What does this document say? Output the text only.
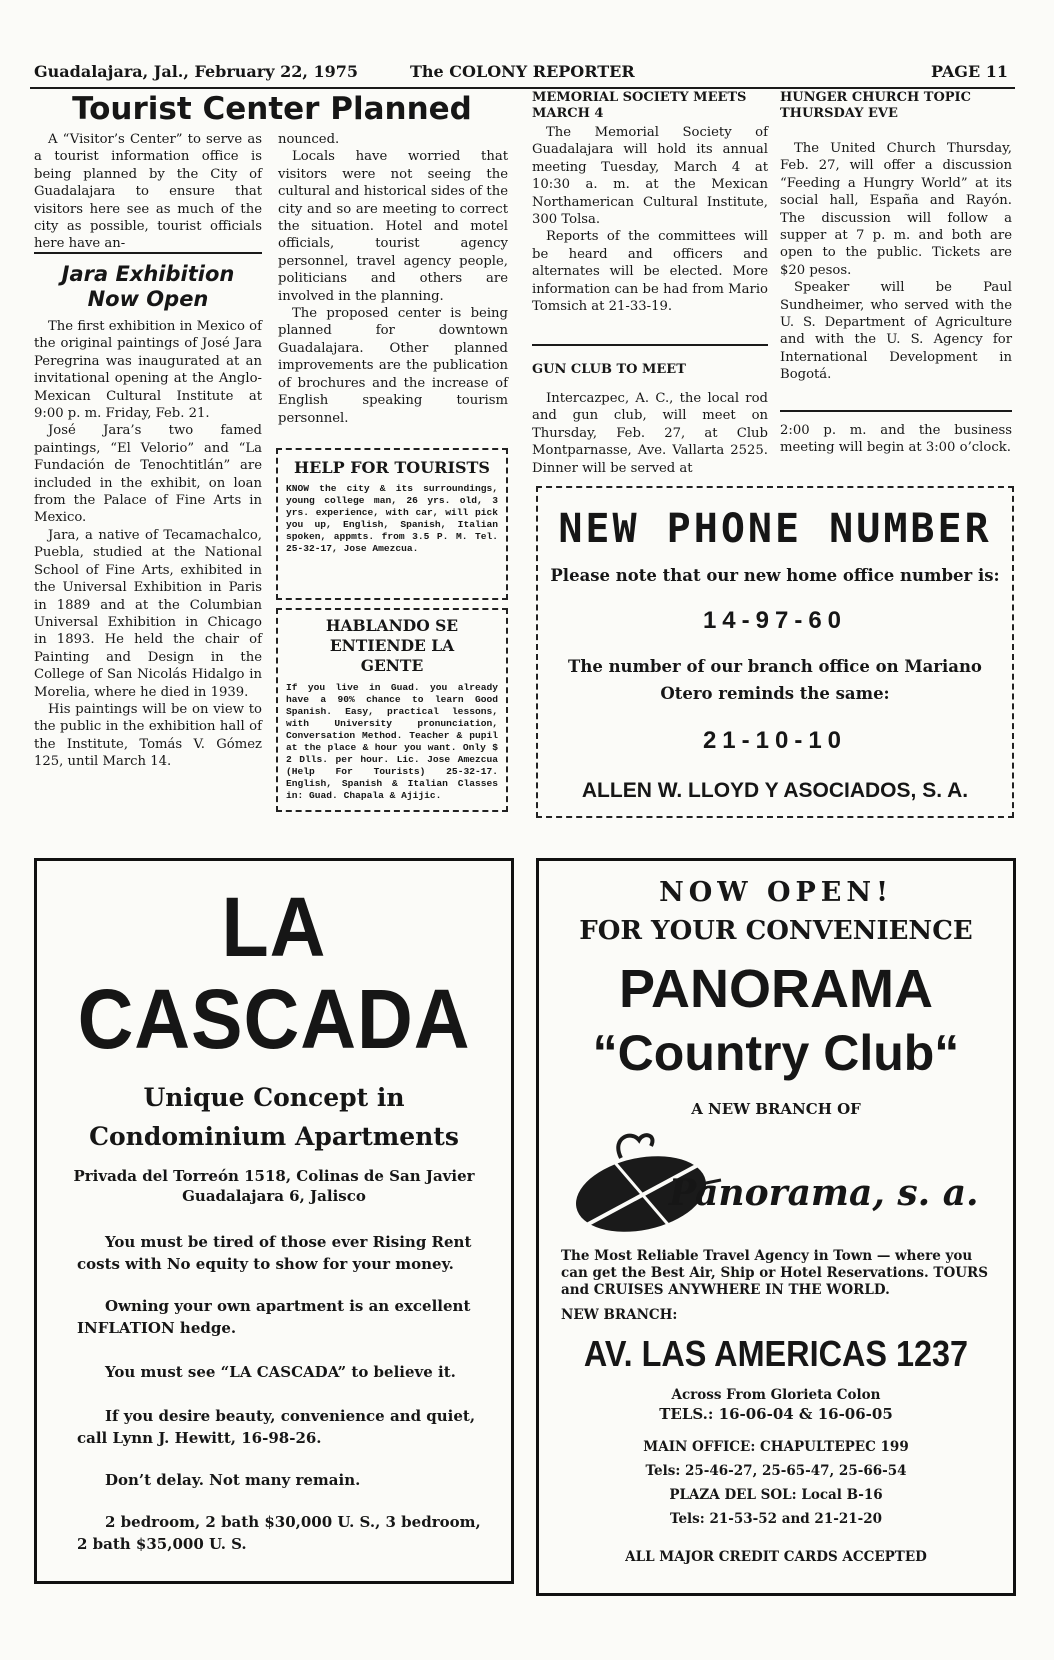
Guadalajara, Jal., February 22, 1975	The COLONY REPORTER	PAGE 11
Tourist Center Planned

A “Visitor’s Center” to serve as a tourist information office is being planned by the City of Guadalajara to ensure that visitors here see as much of the city as possible, tourist officials here have an-

nounced.

Locals have worried that visitors were not seeing the cultural and historical sides of the city and so are meeting to correct the situation. Hotel and motel officials, tourist agency personnel, travel agency people, politicians and others are involved in the planning.

The proposed center is being planned for downtown Guadalajara. Other planned improvements are the publication of brochures and the increase of English speaking tourism personnel.

Jara Exhibition
Now Open

The first exhibition in Mexico of the original paintings of José Jara Peregrina was inaugurated at an invitational opening at the Anglo-Mexican Cultural Institute at 9:00 p. m. Friday, Feb. 21.

José Jara’s two famed paintings, “El Velorio” and “La Fundación de Tenochtitlán” are included in the exhibit, on loan from the Palace of Fine Arts in Mexico.

Jara, a native of Tecamachalco, Puebla, studied at the National School of Fine Arts, exhibited in the Universal Exhibition in Paris in 1889 and at the Columbian Universal Exhibition in Chicago in 1893. He held the chair of Painting and Design in the College of San Nicolás Hidalgo in Morelia, where he died in 1939.

His paintings will be on view to the public in the exhibition hall of the Institute, Tomás V. Gómez 125, until March 14.

HELP FOR TOURISTS
KNOW the city & its surroundings, young college man, 26 yrs. old, 3 yrs. experience, with car, will pick you up, English, Spanish, Italian spoken, appmts. from 3.5 P. M. Tel. 25-32-17, Jose Amezcua.
HABLANDO SE ENTIENDE LA GENTE
If you live in Guad. you already have a 90% chance to learn Good Spanish. Easy, practical lessons, with University pronunciation, Conversation Method. Teacher & pupil at the place & hour you want. Only $ 2 Dlls. per hour. Lic. Jose Amezcua (Help For Tourists) 25-32-17. English, Spanish & Italian Classes in: Guad. Chapala & Ajijic.
MEMORIAL SOCIETY MEETS MARCH 4

The Memorial Society of Guadalajara will hold its annual meeting Tuesday, March 4 at 10:30 a. m. at the Mexican Northamerican Cultural Institute, 300 Tolsa.

Reports of the committees will be heard and officers and alternates will be elected. More information can be had from Mario Tomsich at 21-33-19.

GUN CLUB TO MEET

Intercazpec, A. C., the local rod and gun club, will meet on Thursday, Feb. 27, at Club Montparnasse, Ave. Vallarta 2525. Dinner will be served at

HUNGER CHURCH TOPIC THURSDAY EVE

The United Church Thursday, Feb. 27, will offer a discussion “Feeding a Hungry World” at its social hall, España and Rayón. The discussion will follow a supper at 7 p. m. and both are open to the public. Tickets are $20 pesos.

Speaker will be Paul Sundheimer, who served with the U. S. Department of Agriculture and with the U. S. Agency for International Development in Bogotá.

2:00 p. m. and the business meeting will begin at 3:00 o’clock.

NEW PHONE NUMBER
Please note that our new home office number is:
14-97-60
The number of our branch office on Mariano Otero reminds the same:
21-10-10
ALLEN W. LLOYD Y ASOCIADOS, S. A.
LA CASCADA
Unique Concept in
Condominium Apartments
Privada del Torreón 1518, Colinas de San Javier
Guadalajara 6, Jalisco

You must be tired of those ever Rising Rent costs with No equity to show for your money.

Owning your own apartment is an excellent INFLATION hedge.

You must see “LA CASCADA” to believe it.

If you desire beauty, convenience and quiet, call Lynn J. Hewitt, 16-98-26.

Don’t delay. Not many remain.

2 bedroom, 2 bath $30,000 U. S., 3 bedroom, 2 bath $35,000 U. S.

NOW OPEN!
FOR YOUR CONVENIENCE
PANORAMA
“Country Club“
A NEW BRANCH OF
Panorama, s. a.
The Most Reliable Travel Agency in Town — where you can get the Best Air, Ship or Hotel Reservations. TOURS and CRUISES ANYWHERE IN THE WORLD.
NEW BRANCH:
AV. LAS AMERICAS 1237
Across From Glorieta Colon
TELS.: 16-06-04 & 16-06-05
MAIN OFFICE: CHAPULTEPEC 199
Tels: 25-46-27, 25-65-47, 25-66-54
PLAZA DEL SOL: Local B-16
Tels: 21-53-52 and 21-21-20
ALL MAJOR CREDIT CARDS ACCEPTED
